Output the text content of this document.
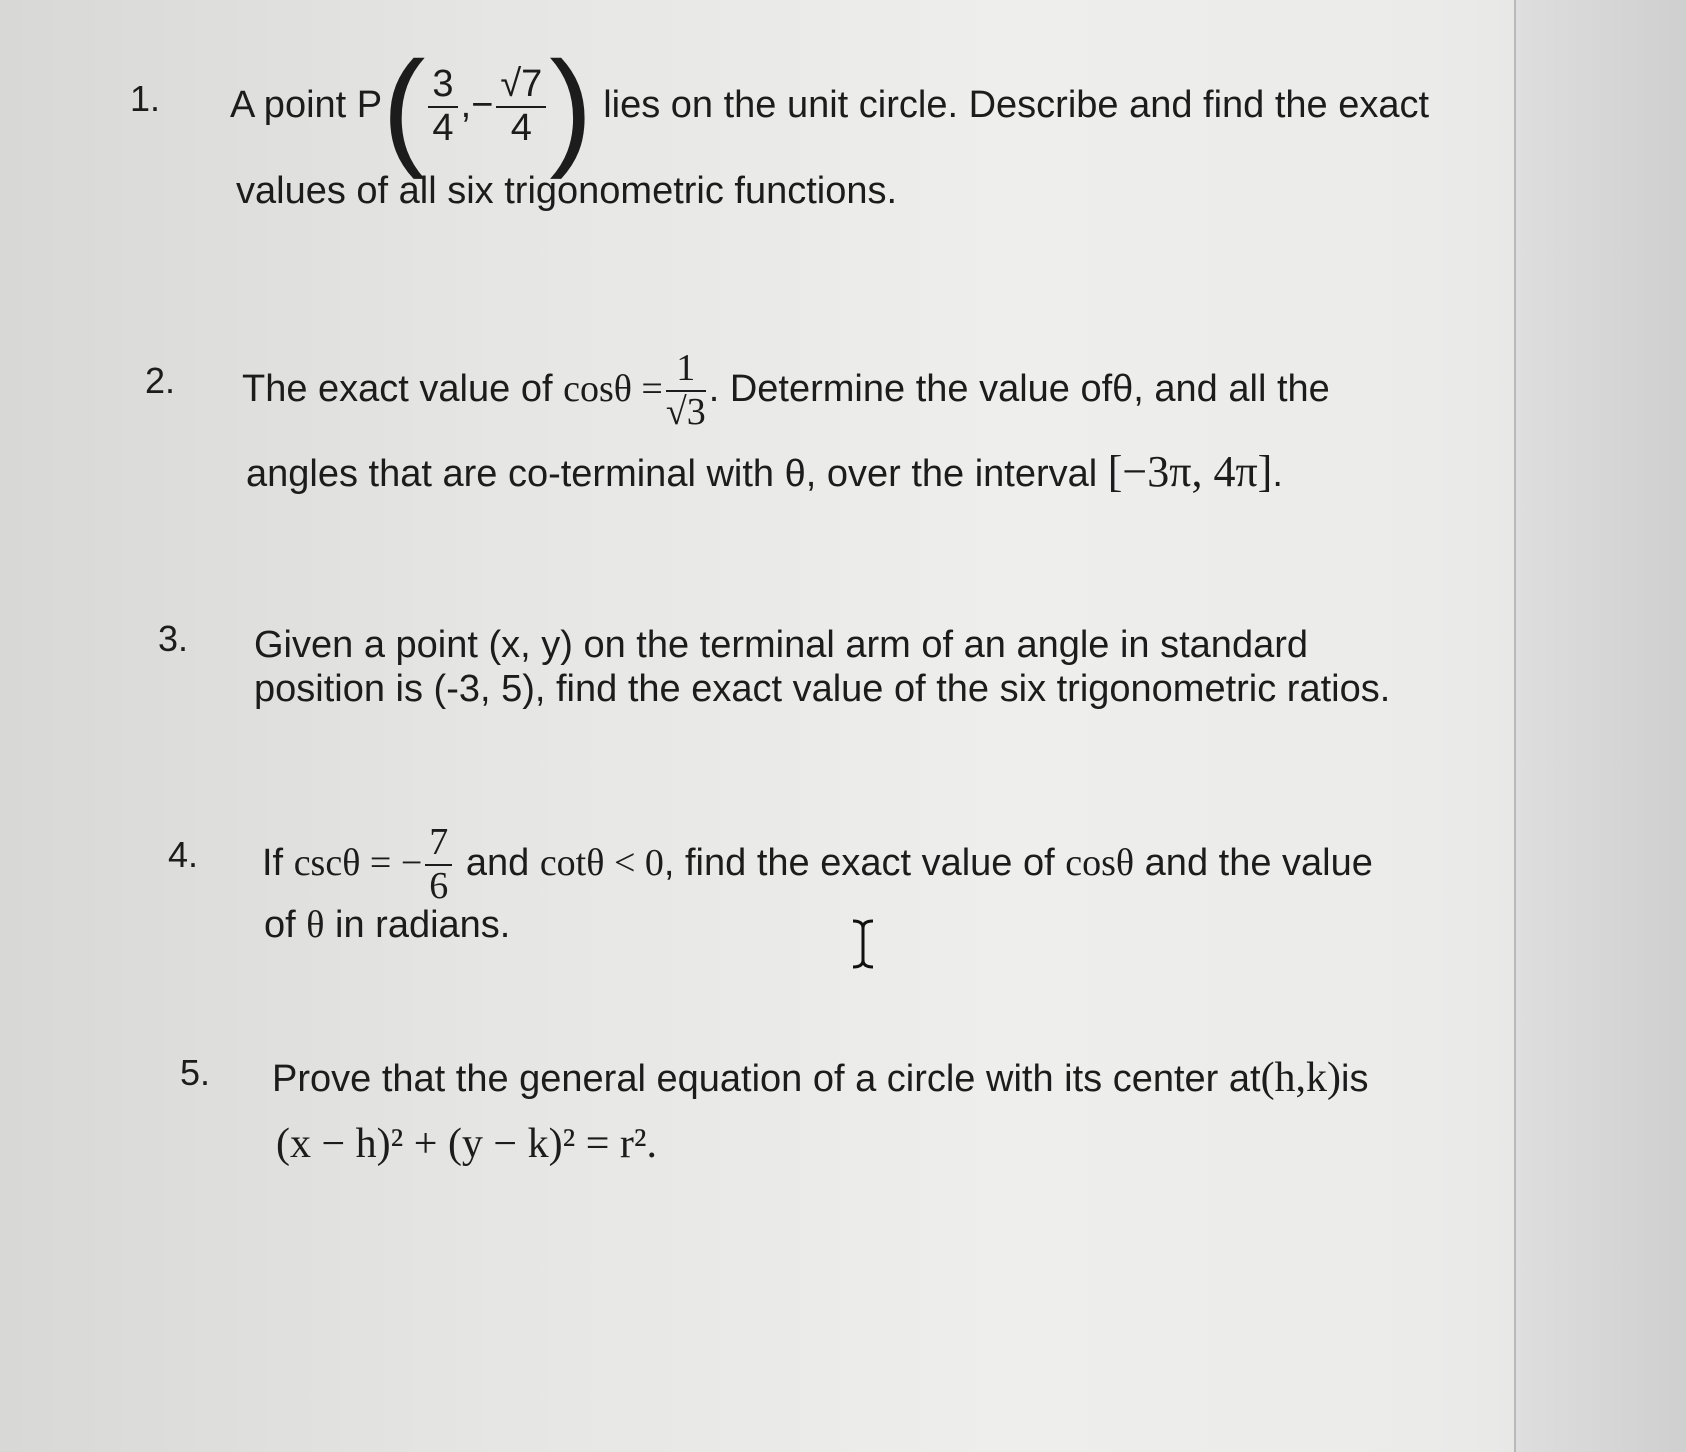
1. A point $P( \frac{3}{4}$ ,− $\frac{√7}{4}$ ) lies on the unit circle. Describe and find the exact
values of all six trigonometric functions.
2. The exact value of $\cos\theta = \frac{1}{√3}$ . Determine the value ofθ, and all the
angles that are co-terminal with θ, over the interval [−3π, 4π].
3. Given a point (x, y) on the terminal arm of an angle in standard
position is (-3, 5), find the exact value of the six trigonometric ratios.
4. If cscθ = − $\frac{7}{6}$ and cotθ < 0, find the exact value of cosθ and the value
of θ in radians.
5. Prove that the general equation of a circle with its center at(h,k)is
(x − h)² + (y − k)² = r².
